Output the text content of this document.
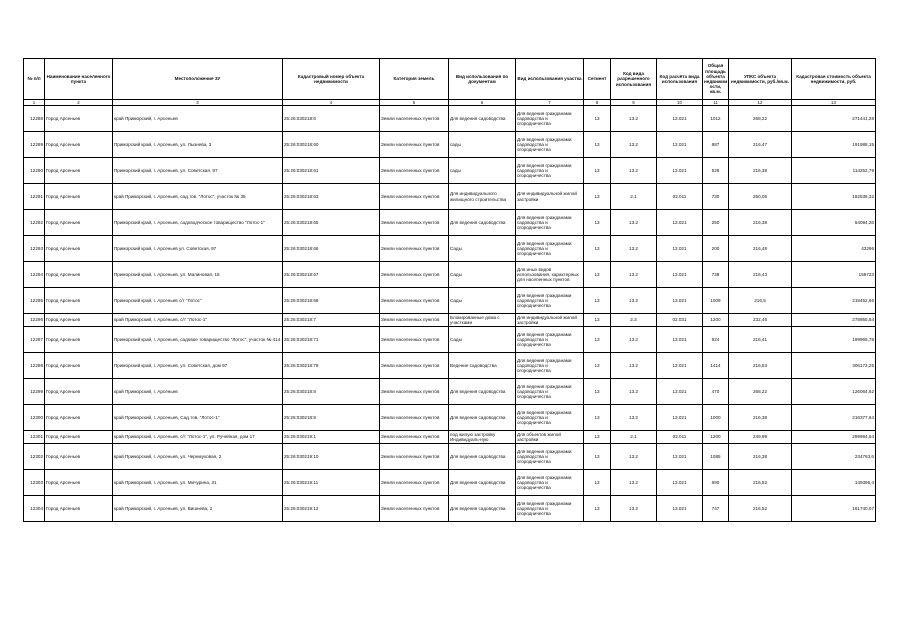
№ п/п	Наименование населенного пункта	Местоположение ЗУ	Кадастровый номер объекта недвижимости	Категория земель	Вид использования по документам	Вид использования участка	Сегмент	Код вида разрешенного использования	Код расчёта вида использования	Общая площадь объекта недвижим ости, кв.м.	УПКС объекта недвижимости, руб./кв.м.	Кадастровая стоимость объекта недвижимости, руб.
1	2	3	4	5	6	7	8	9	10	11	12	13
12288	Город Арсеньев	край Приморский, г. Арсеньев	25:26:030218:6	Земли населенных пунктов	Для ведения садоводства	Для ведения гражданами садоводства и огородничества	13	13.2	13.021	1012	268,22	271441,28
12289	Город Арсеньев	Приморский край, г. Арсеньев, ул. Лызнева, 3	25:26:030218:60	Земли населенных пунктов	сады	Для ведения гражданами садоводства и огородничества	13	13.2	13.021	887	216,47	191988,15
12290	Город Арсеньев	Приморский край, г. Арсеньев, ул. Советская, 97	25:26:030218:61	Земли населенных пунктов	сады	Для ведения гражданами садоводства и огородничества	13	13.2	13.021	528	216,38	114252,79
12291	Город Арсеньев	край Приморский, г. Арсеньев, сад.тов. "Лотос", участок № 35	25:26:030218:63	Земли населенных пунктов	Для индивидуального жилищного строительства	Для индивидуальной жилой застройки	13	2.1	02.011	730	250,05	182536,32
12292	Город Арсеньев	Приморский край, г. Арсеньев, садоводческое товарищество "Лотос-1"	25:26:030218:65	Земли населенных пунктов	Для ведения садоводства	Для ведения гражданами садоводства и огородничества	13	13.2	13.021	250	216,38	54094,26
12293	Город Арсеньев	Приморский край, г. Арсеньев ул. Советская, 97	25:26:030218:66	Земли населенных пунктов	Сады	Для ведения гражданами садоводства и огородничества	13	13.2	13.021	200	216,48	43296
12294	Город Арсеньев	Приморский край, г. Арсеньев, ул. Малиновая, 15	25:26:030218:67	Земли населенных пунктов	Сады	Для иных видов использования, характерных для населенных пунктов	13	13.2	13.021	738	216,43	159723
12295	Город Арсеньев	Приморский край, г. Арсеньев с/т "Лотос"	25:26:030218:68	Земли населенных пунктов	Сады	Для ведения гражданами садоводства и огородничества	13	13.2	13.021	1009	216,5	218452,66
12296	Город Арсеньев	край Приморский, г. Арсеньев, с/т "Лотос-1"	25:26:030218:7	Земли населенных пунктов	Блокированные дома с участками	Для индивидуальной жилой застройки	13	2.3	02.031	1200	232,46	278955,84
12297	Город Арсеньев	Приморский край, г. Арсеньев, садовое товарищество "Лотос", участок № 414	25:26:030218:71	Земли населенных пунктов	Сады	Для ведения гражданами садоводства и огородничества	13	13.2	13.021	924	216,41	199965,78
12298	Город Арсеньев	Приморский край, г. Арсеньев, ул. Советская, дом 97	25:26:030218:78	Земли населенных пунктов	Ведение садоводства	Для ведения гражданами садоводства и огородничества	13	13.2	13.021	1414	216,53	306173,25
12299	Город Арсеньев	край Приморский, г. Арсеньев	25:26:030218:8	Земли населенных пунктов	Для ведения садоводства	Для ведения гражданами садоводства и огородничества	13	13.2	13.021	470	268,22	126064,62
12300	Город Арсеньев	край Приморский, г. Арсеньев, Сад.тов. "Лотос-1"	25:26:030218:9	Земли населенных пунктов	Для ведения садоводства	Для ведения гражданами садоводства и огородничества	13	13.2	13.021	1000	216,38	216377,64
12301	Город Арсеньев	край Приморский, г. Арсеньев, с/т "Лотос-1", ул. Ручейная, дом 17	25:26:030219:1	Земли населенных пунктов	под жилую застройку Индивидуаль-ную	Для объектов жилой застройки	13	2.1	02.011	1200	249,99	299984,64
12302	Город Арсеньев	край Приморский, г. Арсеньев, ул. Черемуховая, 2	25:26:030219:10	Земли населенных пунктов	Для ведения садоводства	Для ведения гражданами садоводства и огородничества	13	13.2	13.021	1085	216,38	234763,6
12303	Город Арсеньев	край Приморский, г. Арсеньев, ул. Мичурина, 31	25:26:030219:11	Земли населенных пунктов	Для ведения садоводства	Для ведения гражданами садоводства и огородничества	13	13.2	13.021	690	216,52	149396,4
12304	Город Арсеньев	край Приморский, г. Арсеньев, ул. Вишнева, 2	25:26:030219:12	Земли населенных пунктов	Для ведения садоводства	Для ведения гражданами садоводства и огородничества	13	13.2	13.021	747	216,52	161740,07
